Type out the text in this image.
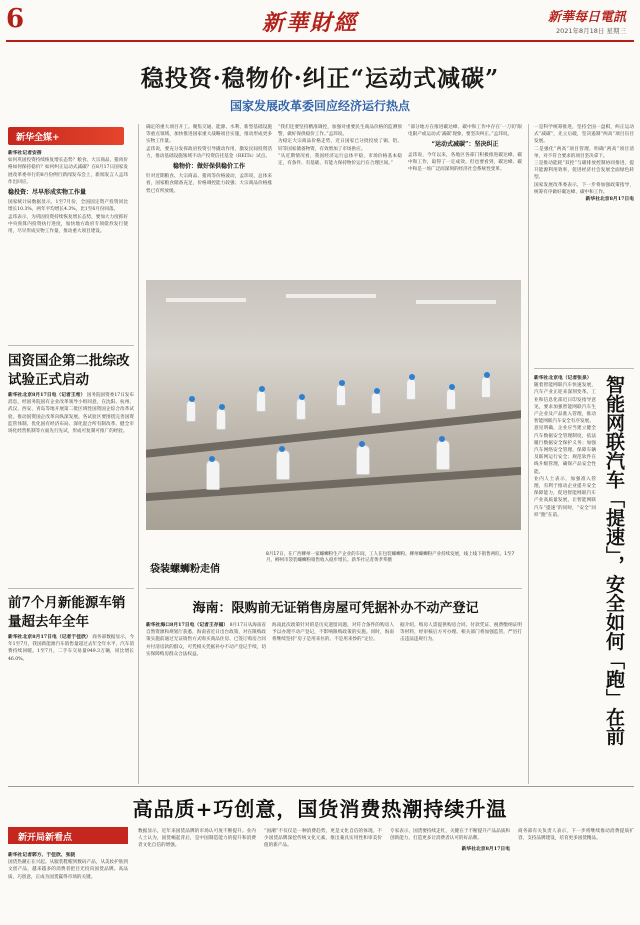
6	新華財經	新華每日電訊
2021年8月18日 星期三
稳投资·稳物价·纠正“运动式减碳”
国家发展改革委回应经济运行热点
新华全媒+
新华社记者安蓓

如何巩固投资持续恢复增长态势？粮食、大宗商品、猪肉价格如何保持稳价？如何纠正运动式减碳？在8月17日国家发展改革委举行的8月份例行新闻发布会上，新闻发言人孟玮作出回应。

稳投资：尽早形成实物工作量

国家统计局数据显示，1至7月份，全国固定资产投资同比增长10.3%，两年平均增长4.3%，比1至6月份回落。

孟玮表示，为巩固投资持续恢复增长态势，要加大力度抓好中央预算内投资执行进度，加快地方政府专项债券发行使用，尽早形成实物工作量，推动重大项目建设。

确定的重大项目开工。聚焦交通、能源、水利、新型基础设施等重点领域，加快推进国家重大战略项目实施，推动形成更多实物工作量。

孟玮说，要充分发挥政府投资引导撬动作用，激发民间投资活力，推动基础设施领域不动产投资信托基金（REITs）试点。

稳物价：做好保供稳价工作

针对近期粮食、大宗商品、猪肉等价格波动，孟玮说，总体来看，国家粮食储备充足，价格调控能力较强；大宗商品价格涨势已有所放缓。

“我们还要坚持精准调控，加强对重要民生商品价格的监测预警，做好保供稳价工作。”孟玮说。

为稳定大宗商品价格走势，近日国家已分批投放了铜、铝、锌等国家储备物资，有效增加了市场供应。

“从近期情况看，我国经济运行总体平稳，市场价格基本稳定，有条件、有基础、有能力保持物价运行在合理区间。”

“部分地方在推进碳达峰、碳中和工作中存在‘一刀切’限电限产或运动式‘减碳’现象，要坚决纠正。”孟玮说。

“运动式减碳”：坚决纠正

孟玮说，今年以来，各地区各部门积极推进碳达峰、碳中和工作，取得了一定成效。但也要看到，碳达峰、碳中和是一场广泛而深刻的经济社会系统性变革。

一是科学统筹推进，坚持全国一盘棋，纠正运动式“减碳”，先立后破，坚决遏制“两高”项目盲目发展。

二是强化“两高”项目管理，明确“两高”项目清单，对不符合要求的项目坚决拿下。

三是推动能耗“双控”与碳排放控制协同推进，提升能源利用效率，促进经济社会发展全面绿色转型。

国家发展改革委表示，下一步将加强政策指导，统筹有序做好碳达峰、碳中和工作。

新华社北京8月17日电
国资国企第二批综改试验正式启动
新华社北京8月17日电（记者王希） 国务院国资委17日发布消息，经国务院国有企业改革领导小组同意，在沈阳、杭州、武汉、西安、青岛等地开展第二批区域性国资国企综合改革试验，推动国资国企改革向纵深发展。各试验区要围绕完善国资监管体制、优化国有经济布局、深化混合所有制改革、健全市场化经营机制等方面先行先试，形成可复制可推广的经验。
前7个月新能源车销量超去年全年
新华社北京8月17日电（记者于佳欣） 商务部数据显示，今年1至7月，我国新能源汽车销售量超过去年全年水平，汽车消费持续回暖。1至7月，二手车交易量949.3万辆，同比增长46.0%。
袋装螺蛳粉走俏
8月17日，在广西柳州一家螺蛳粉生产企业的车间，工人在包装螺蛳粉。柳州螺蛳粉产业持续发展，线上线下销售两旺。1至7月，柳州市袋装螺蛳粉销售收入稳步增长。新华社记者黄孝邦摄
海南：限购前无证销售房屋可凭据补办不动产登记
新华社海口8月17日电（记者王存福） 8月17日从海南省自然资源和规划厅获悉，海南省近日出台政策，对在限购政策实施前通过无证销售方式购买商品住房、已签订购房合同并付清房款的群众，可凭相关凭据补办不动产登记手续，切实保障购房群众合法权益。

海南此次政策针对的是历史遗留问题，对符合条件的购房人予以办理不动产登记，不影响限购政策的实施。同时，海南将继续坚持“房子是用来住的、不是用来炒的”定位。

据介绍，购房人需提供购房合同、付款凭证、税费缴纳证明等材料，经审核后方可办理。相关部门将加强监管，严厉打击违法违规行为。

新华社北京电（记者张泉）

随着智能网联汽车快速发展，汽车产业正迎来深刻变革。工业和信息化部近日印发指导意见，要求加强智能网联汽车生产企业及产品准入管理，推动智能网联汽车安全有序发展。

意见明确，企业应当建立健全汽车数据安全管理制度，依法履行数据安全保护义务；加强汽车网络安全管理，保障车辆及联网运行安全；规范软件在线升级管理，确保产品安全性能。

业内人士表示，加强准入管理，有利于推动企业提升安全保障能力，促进智能网联汽车产业高质量发展，让智能网联汽车“提速”的同时，“安全”同样“跑”在前。	智能网联汽车「提速」，安全如何「跑」在前
高品质+巧创意，国货消费热潮持续升温
新开局新看点
新华社记者郭方、于佳欣、张骁

国货热潮正在兴起。从服装鞋帽到数码产品，从美妆护肤到文创产品，越来越多的消费者把目光投向国货品牌。高品质、巧创意，正成为国货赢得市场的关键。

数据显示，近年来国货品牌的市场认可度不断提升。业内人士认为，国货崛起背后，是中国制造能力的提升和消费者文化自信的增强。

“国潮”不仅仅是一种消费趋势，更是文化自信的体现。不少国货品牌深挖传统文化元素，推出兼具实用性和审美价值的新产品。

专家表示，国货要持续走红，关键在于不断提升产品品质和创新能力，打造更多让消费者认可的好品牌。

新华社北京8月17日电

商务部有关负责人表示，下一步将继续推动消费提质扩容，支持品牌建设，培育更多国货精品。
